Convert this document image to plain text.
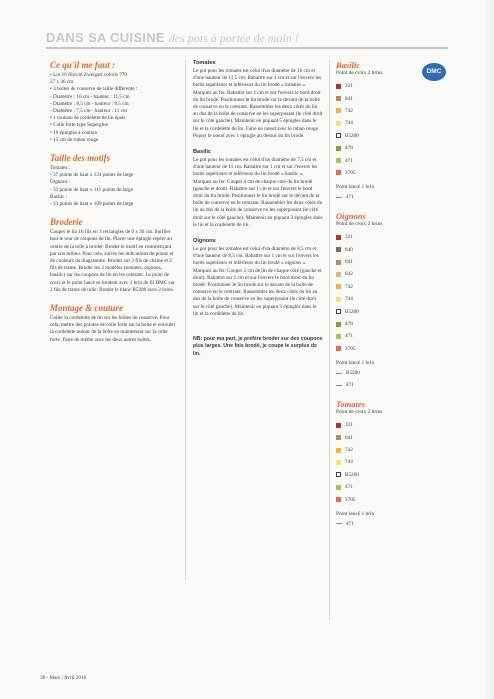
DANS SA CUISINE des pots à portée de main !
Ce qu'il me faut :
• Lin 16 fils/cm Zweigart coloris 770
27 x 36 cm
• 3 boîtes de conserve de taille différente :
- Diamètre : 10 cm - hauteur : 11,5 cm
- Diamètre : 8,5 cm - hauteur : 8,5 cm
- Diamètre : 7,5 cm - hauteur : 11 cm
• 1 rouleau de cordelette de lin épais
• Colle forte type Superglue
• 10 épingles à couture
• 15 cm de ruban rouge
Taille des motifs
Tomates :
- 37 points de haut x 124 points de large
Oignons :
- 33 points de haut x 111 points de large
Basilic :
- 33 points de haut x 109 points de large
Broderie

Couper le lin 16 fils en 3 rectangles de 9 x 36 cm. Surfiler tout le tour de coupons de lin. Placer une épingle repère au centre de la toile à broder. Broder le motif en commençant par son milieu. Pour cela, suivre les indications de points et de couleurs du diagramme. Brodez sur 2 fils de chaîne et 2 fils de trame. Broder les 3 modèles (tomates, oignons, basilic) sur les coupons de lin en les centrant. Le point de croix et le point lancé se brodent avec 1 brin de fil DMC sur 2 fils de trame de toile. Broder le blanc B5200 avec 2 brins.

Montage & couture

Coller la cordelette de lin sur les boîtes de conserve. Pour cela, mettre des pointes de colle forte sur la boîte et enrouler la cordelette autour de la boîte en maintenant sur la colle forte. Faire de même avec les deux autres boîtes.

Tomates

Le pot pour les tomates est celui d'un diamètre de 10 cm et d'une hauteur de 11,5 cm. Rabattre sur 1 cm et sur l'envers les bords supérieurs et inférieurs du lin brodé « tomates ». Marquez au fer. Rabattre sur 1 cm et sur l'envers le bord droit du lin brodé. Positionner le lin brodé sur le devant de la boîte de conserve en le centrant. Rassembler les deux côtés du lin au dos de la boîte de conserve en les superposant (le côté droit sur le côté gauche). Maintenir en piquant 5 épingles dans le lin et la cordelette de lin. Faire un nœud avec le ruban rouge. Piquer le nœud avec 1 épingle au dessus du lin brodé.

Basilic

Le pot pour les tomates est celui d'un diamètre de 7,5 cm et d'une hauteur de 11 cm. Rabattre sur 1 cm et sur l'envers les bords supérieurs et inférieurs du lin brodé « basilic ». Marquez au fer. Couper 4 cm de chaque coté du lin brodé (gauche et droit). Rabattre sur 1 cm et sur l'envers le bord droit du lin brodé. Positionner le lin brodé sur le devant de la boîte de conserve en le centrant. Rassembler les deux côtés du lin au dos de la boîte de conserve en les superposant (le côté droit sur le côté gauche). Maintenir en piquant 3 épingles dans le lin et la cordelette de lin.

Oignons

Le pot pour les tomates est celui d'un diamètre de 8,5 cm et d'une hauteur de 8,5 cm. Rabattre sur 1 cm et sur l'envers les bords supérieurs et inférieurs du lin brodé « oignons ». Marquez au fer. Couper 2 cm de lin de chaque côté (gauche et droit). Rabattre sur 1 cm et sur l'envers le bord droit du lin brodé. Positionner le lin brodé sur le devant de la boîte de conserve en le centrant. Rassembler les deux côtés du lin au dos de la boîte de conserve en les superposant (le côté droit sur le côté gauche). Maintenir en piquant 3 épingles dans le lin et la cordelette de lin.

NB: pour ma part, je préfère broder sur des coupons plus larges. Une fois brodé, je coupe le surplus de lin.

DMC
Basilic
Point de croix 2 brins
321
841
742
744
B5200
470
471
3705
Point lancé 1 brin
471
Oignons
Point de croix 2 brins
321
840
841
842
742
744
B5200
470
471
3705
Point lancé 1 brin
B5200
471
Tomates
Point de croix 2 brins
321
841
742
744
B5200
471
3705
Point lancé 1 brin
471
38 - Mars / Avril 2018
